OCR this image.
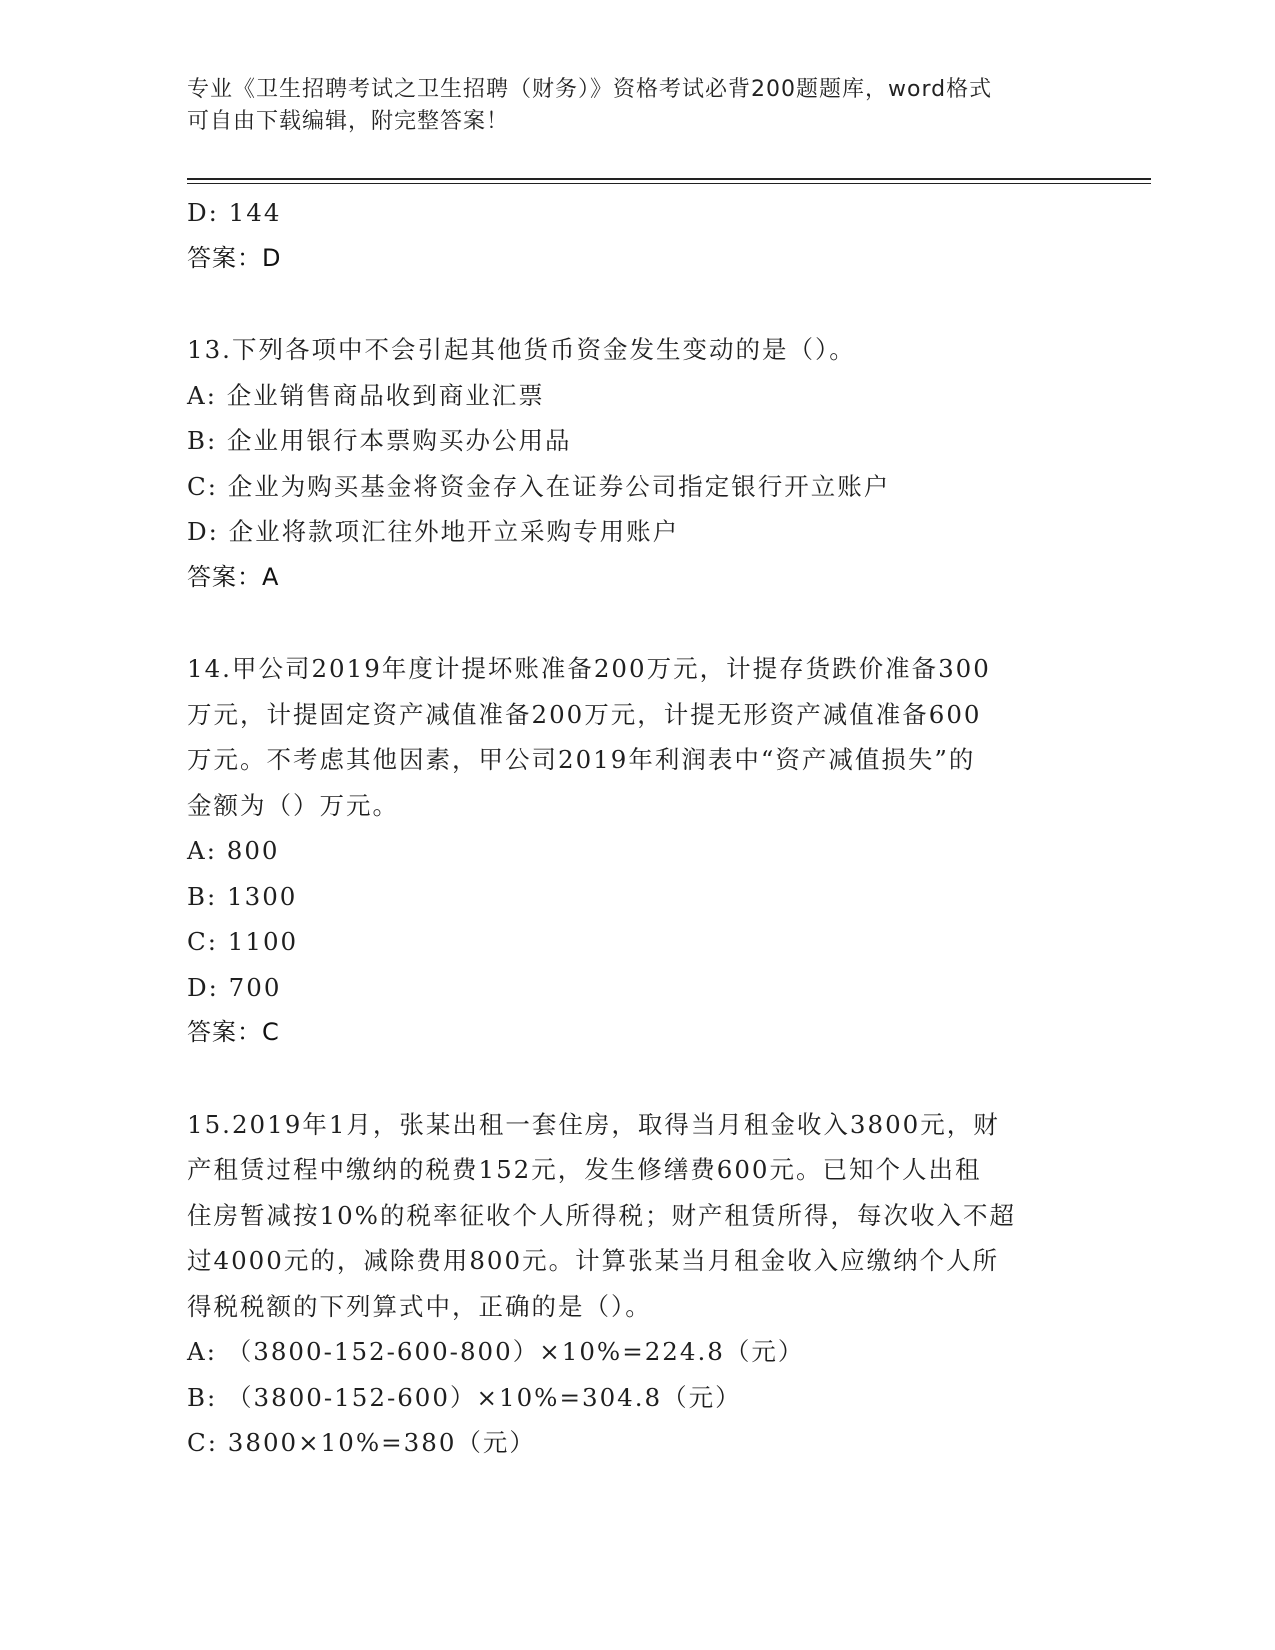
专业《卫生招聘考试之卫生招聘（财务）》资格考试必背200题题库，word格式
可自由下载编辑，附完整答案！
D: 144
答案：D
13.下列各项中不会引起其他货币资金发生变动的是（）。
A: 企业销售商品收到商业汇票
B: 企业用银行本票购买办公用品
C: 企业为购买基金将资金存入在证券公司指定银行开立账户
D: 企业将款项汇往外地开立采购专用账户
答案：A
14.甲公司2019年度计提坏账准备200万元，计提存货跌价准备300
万元，计提固定资产减值准备200万元，计提无形资产减值准备600
万元。不考虑其他因素，甲公司2019年利润表中“资产减值损失”的
金额为（）万元。
A: 800
B: 1300
C: 1100
D: 700
答案：C
15.2019年1月，张某出租一套住房，取得当月租金收入3800元，财
产租赁过程中缴纳的税费152元，发生修缮费600元。已知个人出租
住房暂减按10%的税率征收个人所得税；财产租赁所得，每次收入不超
过4000元的，减除费用800元。计算张某当月租金收入应缴纳个人所
得税税额的下列算式中，正确的是（）。
A: （3800-152-600-800）×10%=224.8（元）
B: （3800-152-600）×10%=304.8（元）
C: 3800×10%=380（元）
